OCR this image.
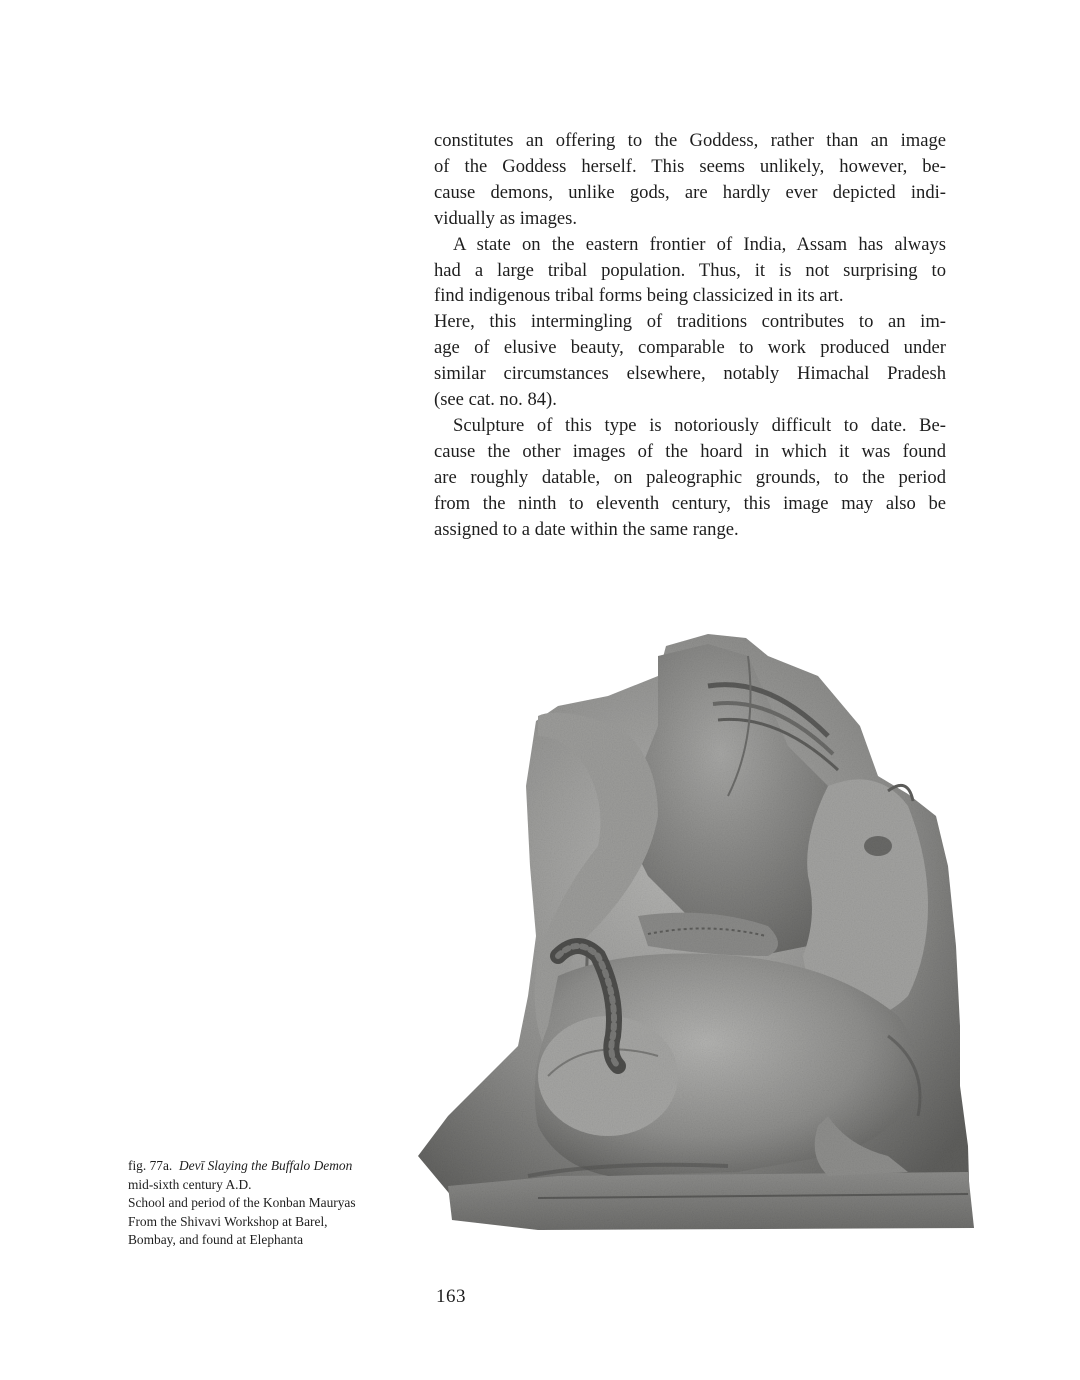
constitutes an offering to the Goddess, rather than an image
of the Goddess herself. This seems unlikely, however, be-
cause demons, unlike gods, are hardly ever depicted indi-
vidually as images.
A state on the eastern frontier of India, Assam has always
had a large tribal population. Thus, it is not surprising to
find indigenous tribal forms being classicized in its art.
Here, this intermingling of traditions contributes to an im-
age of elusive beauty, comparable to work produced under
similar circumstances elsewhere, notably Himachal Pradesh
(see cat. no. 84).
Sculpture of this type is notoriously difficult to date. Be-
cause the other images of the hoard in which it was found
are roughly datable, on paleographic grounds, to the period
from the ninth to eleventh century, this image may also be
assigned to a date within the same range.
fig. 77a. Devī Slaying the Buffalo Demon
mid-sixth century A.D.
School and period of the Konban Mauryas
From the Shivavi Workshop at Barel,
Bombay, and found at Elephanta
163
